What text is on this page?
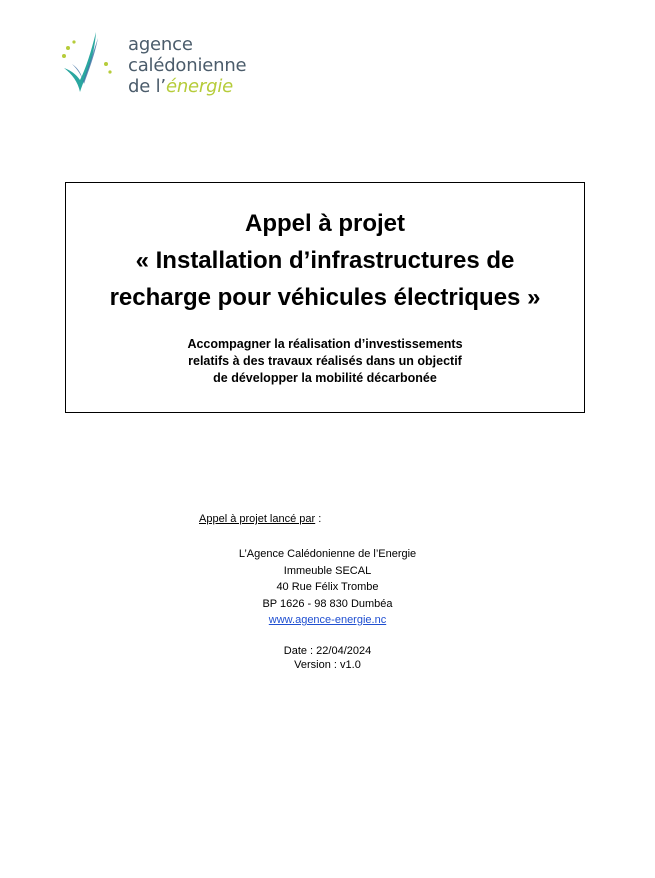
agence
calédonienne
de l’énergie
Appel à projet
« Installation d’infrastructures de
recharge pour véhicules électriques »
Accompagner la réalisation d’investissements
relatifs à des travaux réalisés dans un objectif
de développer la mobilité décarbonée
Appel à projet lancé par :
L’Agence Calédonienne de l’Energie
Immeuble SECAL
40 Rue Félix Trombe
BP 1626 - 98 830 Dumbéa
www.agence-energie.nc
Date : 22/04/2024
Version : v1.0
